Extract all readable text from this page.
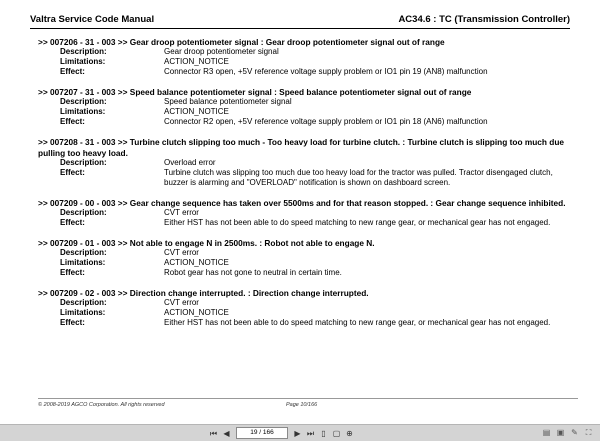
Valtra Service Code Manual	AC34.6 : TC (Transmission Controller)

>> 007206 - 31 - 003 >> Gear droop potentiometer signal : Gear droop potentiometer signal out of range

Description:	Gear droop potentiometer signal
Limitations:	ACTION_NOTICE
Effect:	Connector R3 open, +5V reference voltage supply problem or IO1 pin 19 (AN8) malfunction

>> 007207 - 31 - 003 >> Speed balance potentiometer signal : Speed balance potentiometer signal out of range

Description:	Speed balance potentiometer signal
Limitations:	ACTION_NOTICE
Effect:	Connector R2 open, +5V reference voltage supply problem or IO1 pin 18 (AN6) malfunction

>> 007208 - 31 - 003 >> Turbine clutch slipping too much - Too heavy load for turbine clutch. : Turbine clutch is slipping too much due pulling too heavy load.

Description:	Overload error
Effect:	Turbine clutch was slipping too much due too heavy load for the tractor was pulled. Tractor disengaged clutch, buzzer is alarming and "OVERLOAD" notification is shown on dashboard screen.

>> 007209 - 00 - 003 >> Gear change sequence has taken over 5500ms and for that reason stopped. : Gear change sequence inhibited.

Description:	CVT error
Effect:	Either HST has not been able to do speed matching to new range gear, or mechanical gear has not engaged.

>> 007209 - 01 - 003 >> Not able to engage N in 2500ms. : Robot not able to engage N.

Description:	CVT error
Limitations:	ACTION_NOTICE
Effect:	Robot gear has not gone to neutral in certain time.

>> 007209 - 02 - 003 >> Direction change interrupted. : Direction change interrupted.

Description:	CVT error
Limitations:	ACTION_NOTICE
Effect:	Either HST has not been able to do speed matching to new range gear, or mechanical gear has not engaged.
© 2008-2019 AGCO Corporation. All rights reserved	Page 10/166
⏮ ◀	19 / 166	▶ ⏭ ▯ ▢ ⊕	▤ ▣ ✎ ⛶
